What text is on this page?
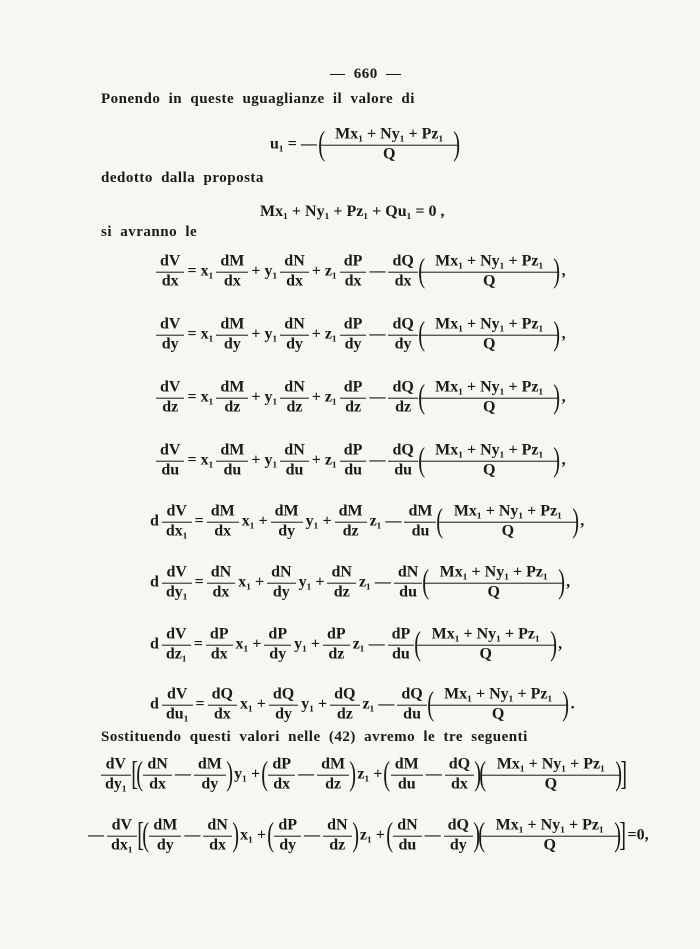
— 660 —
Ponendo in queste uguaglianze il valore di
dedotto dalla proposta
si avranno le
Sostituendo questi valori nelle (42) avremo le tre seguenti
u₁ = — ( $\frac{\text{Mx₁ + Ny₁ + Pz₁}}{Q}$ )
Mx₁ + Ny₁ + Pz₁ + Qu₁ = 0 ,
$\frac{dV}{dx} = x_1 \frac{dM}{dx} + y_1 \frac{dN}{dx} + z_1 \frac{dP}{dx}$ — $\frac{dQ}{dx}$ ( $\frac{\text{Mx₁ + Ny₁ + Pz₁}}{Q}$ ) ,
$\frac{dV}{dy} = x_1 \frac{dM}{dy} + y_1 \frac{dN}{dy} + z_1 \frac{dP}{dy}$ — $\frac{dQ}{dy}$ ( $\frac{\text{Mx₁ + Ny₁ + Pz₁}}{Q}$ ) ,
$\frac{dV}{dz} = x_1 \frac{dM}{dz} + y_1 \frac{dN}{dz} + z_1 \frac{dP}{dz}$ — $\frac{dQ}{dz}$ ( $\frac{\text{Mx₁ + Ny₁ + Pz₁}}{Q}$ ) ,
$\frac{dV}{du} = x_1 \frac{dM}{du} + y_1 \frac{dN}{du} + z_1 \frac{dP}{du}$ — $\frac{dQ}{du}$ ( $\frac{\text{Mx₁ + Ny₁ + Pz₁}}{Q}$ ) ,
d $\frac{dV}{\text{dx₁}} = \frac{dM}{dx} x_1 + \frac{dM}{dy} y_1 + \frac{dM}{dz} z_1$ — $\frac{dM}{du}$ ( $\frac{\text{Mx₁ + Ny₁ + Pz₁}}{Q}$ ) ,
d $\frac{dV}{\text{dy₁}} = \frac{dN}{dx} x_1 + \frac{dN}{dy} y_1 + \frac{dN}{dz} z_1$ — $\frac{dN}{du}$ ( $\frac{\text{Mx₁ + Ny₁ + Pz₁}}{Q}$ ) ,
d $\frac{dV}{\text{dz₁}} = \frac{dP}{dx} x_1 + \frac{dP}{dy} y_1 + \frac{dP}{dz} z_1$ — $\frac{dP}{du}$ ( $\frac{\text{Mx₁ + Ny₁ + Pz₁}}{Q}$ ) ,
d $\frac{dV}{\text{du₁}} = \frac{dQ}{dx} x_1 + \frac{dQ}{dy} y_1 + \frac{dQ}{dz} z_1$ — $\frac{dQ}{du}$ ( $\frac{\text{Mx₁ + Ny₁ + Pz₁}}{Q}$ ) .
$\frac{dV}{\text{dy₁}}$ [
( $\frac{dN}{dx}$ — $\frac{dM}{dy}$ ) y₁ + ( $\frac{dP}{dx}$ — $\frac{dM}{dz}$ ) z₁ + ( $\frac{dM}{du}$ — $\frac{dQ}{dx}$ )
( $\frac{\text{Mx₁ + Ny₁ + Pz₁}}{Q}$ )
]
— $\frac{dV}{\text{dx₁}}$ [
( $\frac{dM}{dy}$ — $\frac{dN}{dx}$ ) x₁ + ( $\frac{dP}{dy}$ — $\frac{dN}{dz}$ ) z₁ + ( $\frac{dN}{du}$ — $\frac{dQ}{dy}$ )
( $\frac{\text{Mx₁ + Ny₁ + Pz₁}}{Q}$ )
] =0,
